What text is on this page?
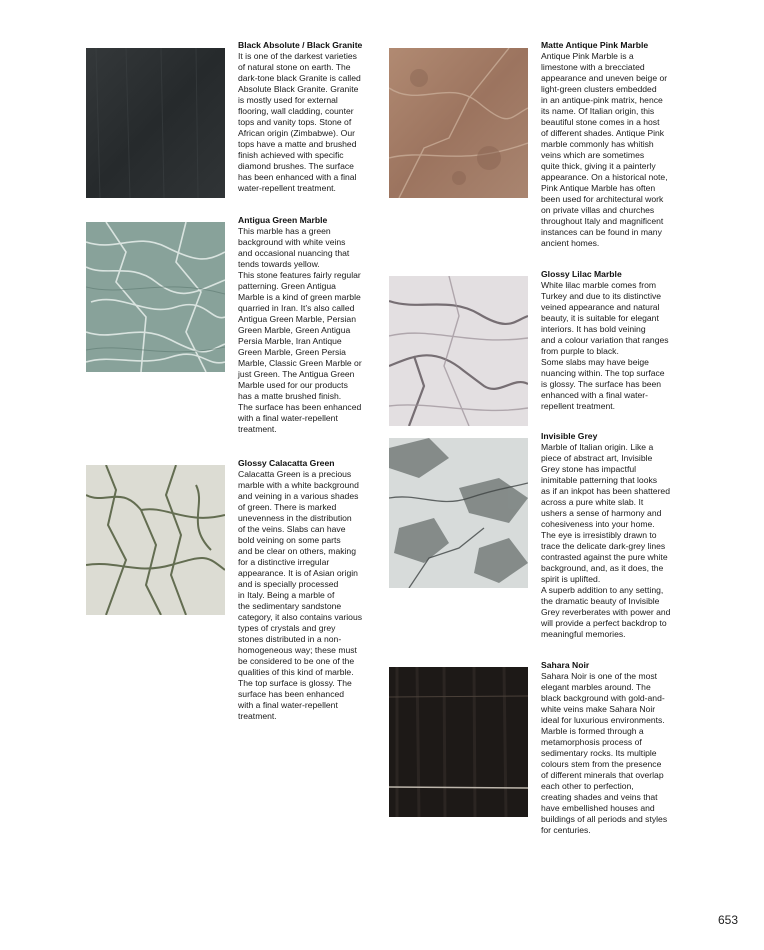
Black Absolute / Black Granite

It is one of the darkest varieties
of natural stone on earth. The
dark-tone black Granite is called
Absolute Black Granite. Granite
is mostly used for external
flooring, wall cladding, counter
tops and vanity tops. Stone of
African origin (Zimbabwe). Our
tops have a matte and brushed
finish achieved with specific
diamond brushes. The surface
has been enhanced with a final
water-repellent treatment.

Antigua Green Marble

This marble has a green
background with white veins
and occasional nuancing that
tends towards yellow.
This stone features fairly regular
patterning. Green Antigua
Marble is a kind of green marble
quarried in Iran. It’s also called
Antigua Green Marble, Persian
Green Marble, Green Antigua
Persia Marble, Iran Antique
Green Marble, Green Persia
Marble, Classic Green Marble or
just Green. The Antigua Green
Marble used for our products
has a matte brushed finish.
The surface has been enhanced
with a final water-repellent
treatment.

Glossy Calacatta Green

Calacatta Green is a precious
marble with a white background
and veining in a various shades
of green. There is marked
unevenness in the distribution
of the veins. Slabs can have
bold veining on some parts
and be clear on others, making
for a distinctive irregular
appearance. It is of Asian origin
and is specially processed
in Italy. Being a marble of
the sedimentary sandstone
category, it also contains various
types of crystals and grey
stones distributed in a non-
homogeneous way; these must
be considered to be one of the
qualities of this kind of marble.
The top surface is glossy. The
surface has been enhanced
with a final water-repellent
treatment.

Matte Antique Pink Marble

Antique Pink Marble is a
limestone with a brecciated
appearance and uneven beige or
light-green clusters embedded
in an antique-pink matrix, hence
its name. Of Italian origin, this
beautiful stone comes in a host
of different shades. Antique Pink
marble commonly has whitish
veins which are sometimes
quite thick, giving it a painterly
appearance. On a historical note,
Pink Antique Marble has often
been used for architectural work
on private villas and churches
throughout Italy and magnificent
instances can be found in many
ancient homes.

Glossy Lilac Marble

White lilac marble comes from
Turkey and due to its distinctive
veined appearance and natural
beauty, it is suitable for elegant
interiors. It has bold veining
and a colour variation that ranges
from purple to black.
Some slabs may have beige
nuancing within. The top surface
is glossy. The surface has been
enhanced with a final water-
repellent treatment.

Invisible Grey

Marble of Italian origin. Like a
piece of abstract art, Invisible
Grey stone has impactful
inimitable patterning that looks
as if an inkpot has been shattered
across a pure white slab. It
ushers a sense of harmony and
cohesiveness into your home.
The eye is irresistibly drawn to
trace the delicate dark-grey lines
contrasted against the pure white
background, and, as it does, the
spirit is uplifted.
A superb addition to any setting,
the dramatic beauty of Invisible
Grey reverberates with power and
will provide a perfect backdrop to
meaningful memories.

Sahara Noir

Sahara Noir is one of the most
elegant marbles around. The
black background with gold-and-
white veins make Sahara Noir
ideal for luxurious environments.
Marble is formed through a
metamorphosis process of
sedimentary rocks. Its multiple
colours stem from the presence
of different minerals that overlap
each other to perfection,
creating shades and veins that
have embellished houses and
buildings of all periods and styles
for centuries.

653
